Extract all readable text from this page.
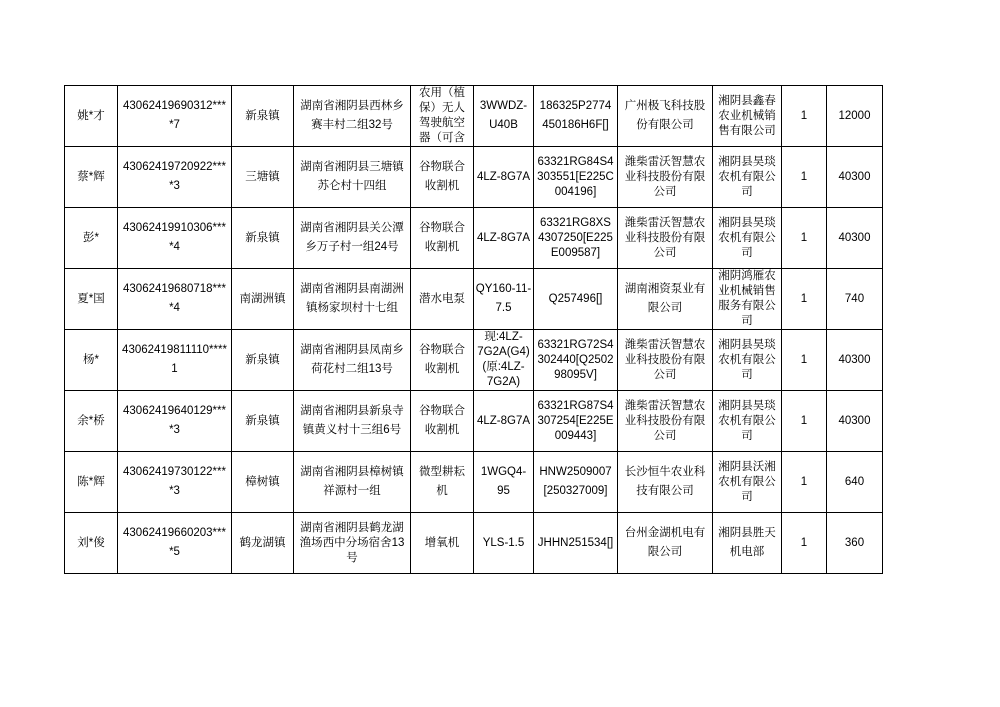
姚*才	43062419690312****7	新泉镇	湖南省湘阴县西林乡赛丰村二组32号	农用（植保）无人驾驶航空器（可含	3WWDZ-U40B	186325P2774450186H6F[]	广州极飞科技股份有限公司	湘阴县鑫春农业机械销售有限公司	1	12000

蔡*辉	43062419720922****3	三塘镇	湖南省湘阴县三塘镇苏仑村十四组	谷物联合收割机	4LZ-8G7A	63321RG84S4303551[E225C004196]	潍柴雷沃智慧农业科技股份有限公司	湘阴县昊琰农机有限公司	1	40300

彭*	43062419910306****4	新泉镇	湖南省湘阴县关公潭乡万子村一组24号	谷物联合收割机	4LZ-8G7A	63321RG8XS4307250[E225E009587]	潍柴雷沃智慧农业科技股份有限公司	湘阴县昊琰农机有限公司	1	40300

夏*国	43062419680718****4	南湖洲镇	湖南省湘阴县南湖洲镇杨家坝村十七组	潜水电泵	QY160-11-7.5	Q257496[]	湖南湘资泵业有限公司	湘阴鸿雁农业机械销售服务有限公司	1	740

杨*	43062419811110****1	新泉镇	湖南省湘阴县凤南乡荷花村二组13号	谷物联合收割机	现:4LZ-7G2A(G4)(原:4LZ-7G2A)	63321RG72S4302440[Q250298095V]	潍柴雷沃智慧农业科技股份有限公司	湘阴县昊琰农机有限公司	1	40300

余*桥	43062419640129****3	新泉镇	湖南省湘阴县新泉寺镇黄义村十三组6号	谷物联合收割机	4LZ-8G7A	63321RG87S4307254[E225E009443]	潍柴雷沃智慧农业科技股份有限公司	湘阴县昊琰农机有限公司	1	40300

陈*辉	43062419730122****3	樟树镇	湖南省湘阴县樟树镇祥源村一组	微型耕耘机	1WGQ4-95	HNW2509007[250327009]	长沙恒牛农业科技有限公司	湘阴县沃湘农机有限公司	1	640

刘*俊	43062419660203****5	鹤龙湖镇	湖南省湘阴县鹤龙湖渔场西中分场宿舍13号	增氧机	YLS-1.5	JHHN251534[]	台州金湖机电有限公司	湘阴县胜天机电部	1	360
